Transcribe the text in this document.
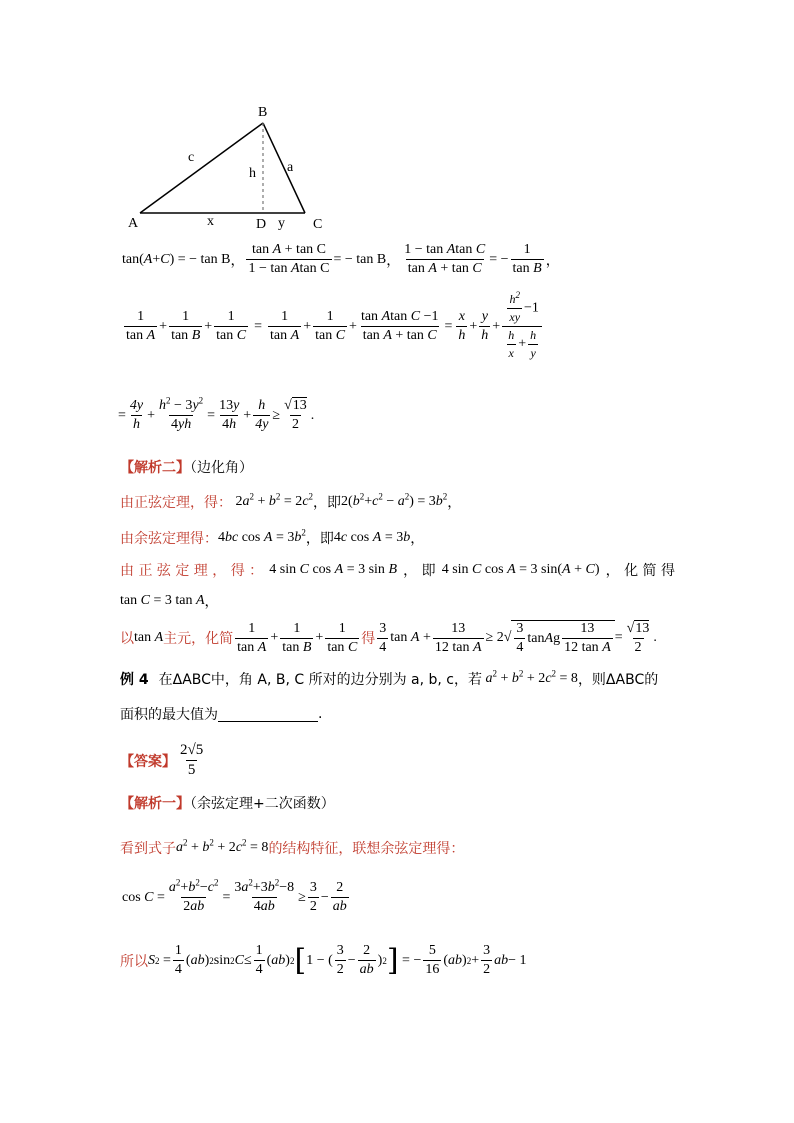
B
c
a
h
A	x	D y C
tan(A+C) = − tan B ， $\frac{\text{tan A + tan C}}{\text{1 − tan Atan C}}$ = − tan B ， $\frac{\text{1 − tan Atan C}}{\text{tan A + tan C}}$ = − $\frac{1}{\text{tan B}}$ ，
$\frac{1}{\text{tan A}} + \frac{1}{\text{tan B}} + \frac{1}{\text{tan C}} = \frac{1}{\text{tan A}} + \frac{1}{\text{tan C}} + \frac{\text{tan Atan C −1}}{\text{tan A + tan C}} = \frac{x}{h} + \frac{y}{h} + \frac{\frac{h^2}{xy} -1}{\frac{h}{x} + \frac{h}{y}}$
= $\frac{4y}{h} + \frac{h^2 - 3y^2}{4yh} = \frac{13y}{4h} + \frac{h}{4y} \ge \frac{√13}{2}$ .
【解析二】（边化角）
由正弦定理，得： $2a^2 + b^2 = 2c^2$ ，即 $2(b^2+c^2 - a^2) = 3b^2$ ，
由余弦定理得： 4bc $\cos A = 3b^2$ ，即 4c cos A = 3b ，
由 正 弦 定 理 ， 得 ： 4 sin C cos A = 3 sin B ， 即 4 sin C cos A = 3 sin(A + C) ， 化 简 得
tan C = 3 tan A ，
以 tan A 主元，化简 $\frac{1}{\text{tan A}} + \frac{1}{\text{tan B}} + \frac{1}{\text{tan C}}$ 得 $\frac{3}{4}$ $\tan A + \frac{13}{\text{12 tan A}} \ge 2$ √ $\frac{3}{4}$ tan A g $\frac{13}{\text{12 tan A}} = \frac{√13}{2}$ .
例 4 在ΔABC中，角 A, B, C 所对的边分别为 a, b, c，若 $a^2 + b^2 + 2c^2 = 8$ ，则ΔABC的
面积的最大值为	.
【答案】 $\frac{2√5}{5}$
【解析一】（余弦定理+二次函数）
看到式子 $a^2 + b^2 + 2c^2 = 8$ 的结构特征，联想余弦定理得：
$\cos C = \frac{a^2+b^2-c^2}{2ab} = \frac{3a^2+3b^2-8}{4ab} \ge \frac{3}{2} - \frac{2}{ab}$
所以 S $2 = \frac{1}{4}$ ( ab ) 2 sin 2 $C \le \frac{1}{4}$ ( ab ) 2 [ 1 − ( $\frac{3}{2} - \frac{2}{ab}$ ) 2 ] = − $\frac{5}{16}$ ( ab ) $2 + \frac{3}{2}$ ab − 1
